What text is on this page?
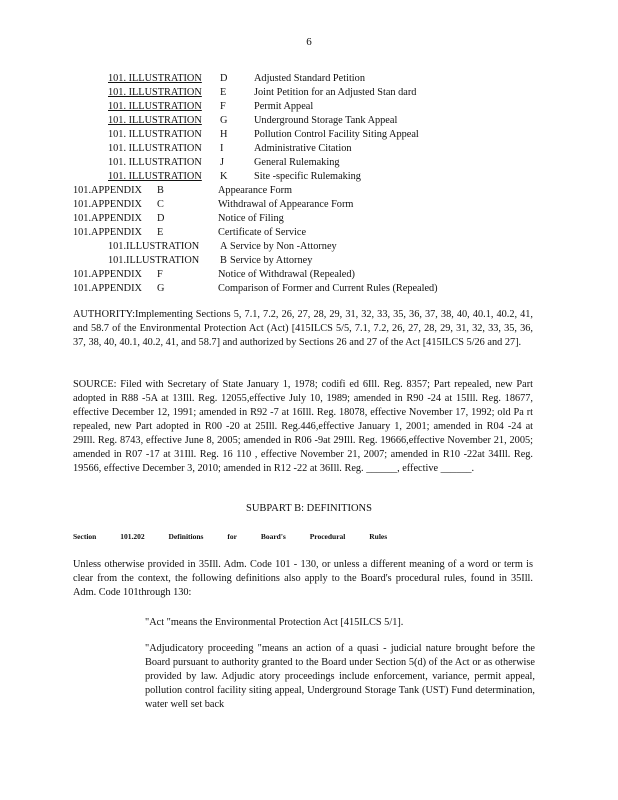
6
101. ILLUSTRATION D	Adjusted Standard Petition
101. ILLUSTRATION E	Joint Petition for an Adjusted Stan dard
101. ILLUSTRATION F	Permit Appeal
101. ILLUSTRATION G	Underground Storage Tank Appeal
101. ILLUSTRATION H	Pollution Control Facility Siting Appeal
101. ILLUSTRATION I	Administrative Citation
101. ILLUSTRATION J	General Rulemaking
101. ILLUSTRATION K	Site -specific Rulemaking
101.APPENDIX B	Appearance Form
101.APPENDIX C	Withdrawal of Appearance Form
101.APPENDIX D	Notice of Filing
101.APPENDIX E	Certificate of Service
101.ILLUSTRATION A Service by Non -Attorney
101.ILLUSTRATION B Service by Attorney
101.APPENDIX F	Notice of Withdrawal (Repealed)
101.APPENDIX G	Comparison of Former and Current Rules (Repealed)
AUTHORITY:Implementing Sections 5, 7.1, 7.2, 26, 27, 28, 29, 31, 32, 33, 35, 36, 37, 38, 40, 40.1, 40.2, 41, and 58.7 of the Environmental Protection Act (Act) [415ILCS 5/5, 7.1, 7.2, 26, 27, 28, 29, 31, 32, 33, 35, 36, 37, 38, 40, 40.1, 40.2, 41, and 58.7] and authorized by Sections 26 and 27 of the Act [415ILCS 5/26 and 27].
SOURCE: Filed with Secretary of State January 1, 1978; codifi ed 6Ill. Reg. 8357; Part repealed, new Part adopted in R88 -5A at 13Ill. Reg. 12055,effective July 10, 1989; amended in R90 -24 at 15Ill. Reg. 18677, effective December 12, 1991; amended in R92 -7 at 16Ill. Reg. 18078, effective November 17, 1992; old Pa rt repealed, new Part adopted in R00 -20 at 25Ill. Reg.446,effective January 1, 2001; amended in R04 -24 at 29Ill. Reg. 8743, effective June 8, 2005; amended in R06 -9at 29Ill. Reg. 19666,effective November 21, 2005; amended in R07 -17 at 31Ill. Reg. 16 110 , effective November 21, 2007; amended in R10 -22at 34Ill. Reg. 19566, effective December 3, 2010; amended in R12 -22 at 36Ill. Reg. ______, effective ______.
SUBPART B: DEFINITIONS
Section	101.202	Definitions	for	Board's	Procedural	Rules
Unless otherwise provided in 35Ill. Adm. Code 101 - 130, or unless a different meaning of a word or term is clear from the context, the following definitions also apply to the Board's procedural rules, found in 35Ill. Adm. Code 101through 130:
"Act "means the Environmental Protection Act [415ILCS 5/1].
"Adjudicatory proceeding "means an action of a quasi - judicial nature brought before the Board pursuant to authority granted to the Board under Section 5(d) of the Act or as otherwise provided by law. Adjudic atory proceedings include enforcement, variance, permit appeal, pollution control facility siting appeal, Underground Storage Tank (UST) Fund determination, water well set back
